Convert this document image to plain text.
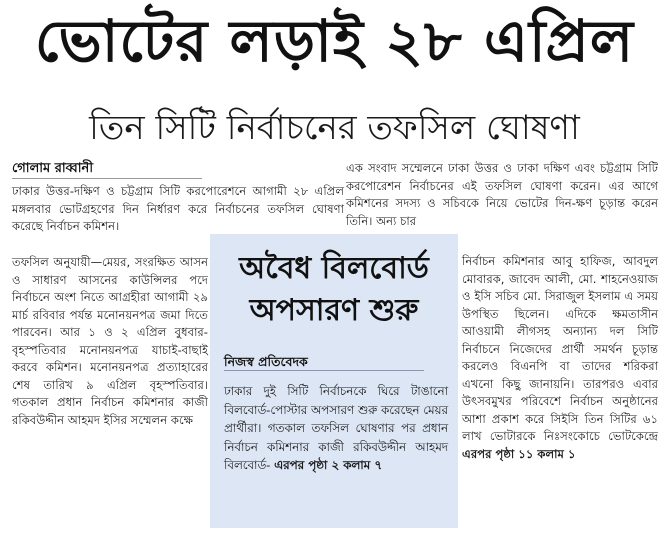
ভোটের লড়াই ২৮ এপ্রিল
তিন সিটি নির্বাচনের তফসিল ঘোষণা
গোলাম রাব্বানী

ঢাকার উত্তর-দক্ষিণ ও চট্টগ্রাম সিটি করপোরেশনে আগামী ২৮ এপ্রিল মঙ্গলবার ভোটগ্রহণের দিন নির্ধারণ করে নির্বাচনের তফসিল ঘোষণা করেছে নির্বাচন কমিশন।

তফসিল অনুযায়ী—মেয়র, সংরক্ষিত আসন ও সাধারণ আসনের কাউন্সিলর পদে নির্বাচনে অংশ নিতে আগ্রহীরা আগামী ২৯ মার্চ রবিবার পর্যন্ত মনোনয়নপত্র জমা দিতে পারবেন। আর ১ ও ২ এপ্রিল বুধবার-বৃহস্পতিবার মনোনয়নপত্র যাচাই-বাছাই করবে কমিশন। মনোনয়নপত্র প্রত্যাহারের শেষ তারিখ ৯ এপ্রিল বৃহস্পতিবার। গতকাল প্রধান নির্বাচন কমিশনার কাজী রকিবউদ্দীন আহমদ ইসির সম্মেলন কক্ষে

এক সংবাদ সম্মেলনে ঢাকা উত্তর ও ঢাকা দক্ষিণ এবং চট্টগ্রাম সিটি করপোরেশন নির্বাচনের এই তফসিল ঘোষণা করেন। এর আগে কমিশনের সদস্য ও সচিবকে নিয়ে ভোটের দিন-ক্ষণ চূড়ান্ত করেন তিনি। অন্য চার

নির্বাচন কমিশনার আবু হাফিজ, আবদুল মোবারক, জাবেদ আলী, মো. শাহনেওয়াজ ও ইসি সচিব মো. সিরাজুল ইসলাম এ সময় উপস্থিত ছিলেন। এদিকে ক্ষমতাসীন আওয়ামী লীগসহ অন্যান্য দল সিটি নির্বাচনে নিজেদের প্রার্থী সমর্থন চূড়ান্ত করলেও বিএনপি বা তাদের শরিকরা এখনো কিছু জানায়নি। তারপরও এবার উৎসবমুখর পরিবেশে নির্বাচন অনুষ্ঠানের আশা প্রকাশ করে সিইসি তিন সিটির ৬১ লাখ ভোটারকে নিঃসংকোচে ভোটকেন্দ্রে এরপর পৃষ্ঠা ১১ কলাম ১

অবৈধ বিলবোর্ড অপসারণ শুরু
নিজস্ব প্রতিবেদক
ঢাকার দুই সিটি নির্বাচনকে ঘিরে টাঙানো বিলবোর্ড-পোস্টার অপসারণ শুরু করেছেন মেয়র প্রার্থীরা। গতকাল তফসিল ঘোষণার পর প্রধান নির্বাচন কমিশনার কাজী রকিবউদ্দীন আহমদ বিলবোর্ড- এরপর পৃষ্ঠা ২ কলাম ৭
